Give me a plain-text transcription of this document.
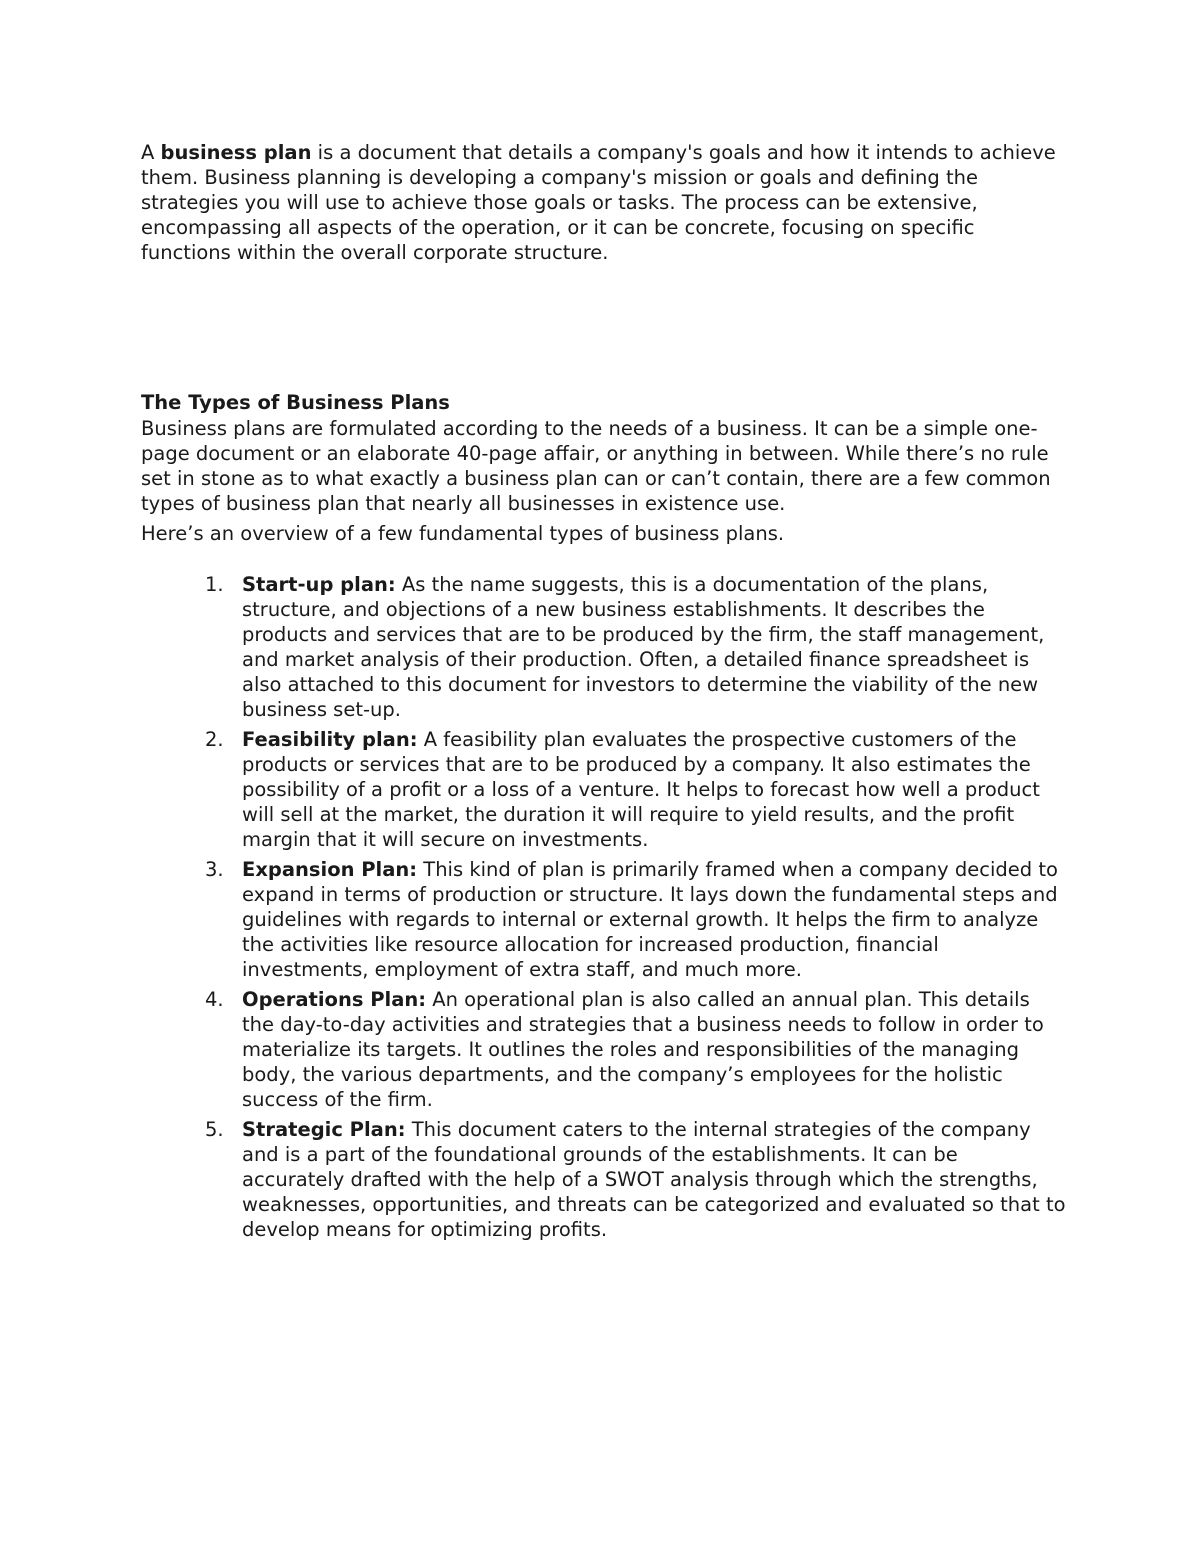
A business plan is a document that details a company's goals and how it intends to achieve them. Business planning is developing a company's mission or goals and defining the strategies you will use to achieve those goals or tasks. The process can be extensive, encompassing all aspects of the operation, or it can be concrete, focusing on specific functions within the overall corporate structure.

The Types of Business Plans

Business plans are formulated according to the needs of a business. It can be a simple one-page document or an elaborate 40-page affair, or anything in between. While there’s no rule set in stone as to what exactly a business plan can or can’t contain, there are a few common types of business plan that nearly all businesses in existence use.

Here’s an overview of a few fundamental types of business plans.

1. Start-up plan: As the name suggests, this is a documentation of the plans, structure, and objections of a new business establishments. It describes the products and services that are to be produced by the firm, the staff management, and market analysis of their production. Often, a detailed finance spreadsheet is also attached to this document for investors to determine the viability of the new business set-up.
2. Feasibility plan: A feasibility plan evaluates the prospective customers of the products or services that are to be produced by a company. It also estimates the possibility of a profit or a loss of a venture. It helps to forecast how well a product will sell at the market, the duration it will require to yield results, and the profit margin that it will secure on investments.
3. Expansion Plan: This kind of plan is primarily framed when a company decided to expand in terms of production or structure. It lays down the fundamental steps and guidelines with regards to internal or external growth. It helps the firm to analyze the activities like resource allocation for increased production, financial investments, employment of extra staff, and much more.
4. Operations Plan: An operational plan is also called an annual plan. This details the day-to-day activities and strategies that a business needs to follow in order to materialize its targets. It outlines the roles and responsibilities of the managing body, the various departments, and the company’s employees for the holistic success of the firm.
5. Strategic Plan: This document caters to the internal strategies of the company and is a part of the foundational grounds of the establishments. It can be accurately drafted with the help of a SWOT analysis through which the strengths, weaknesses, opportunities, and threats can be categorized and evaluated so that to develop means for optimizing profits.
